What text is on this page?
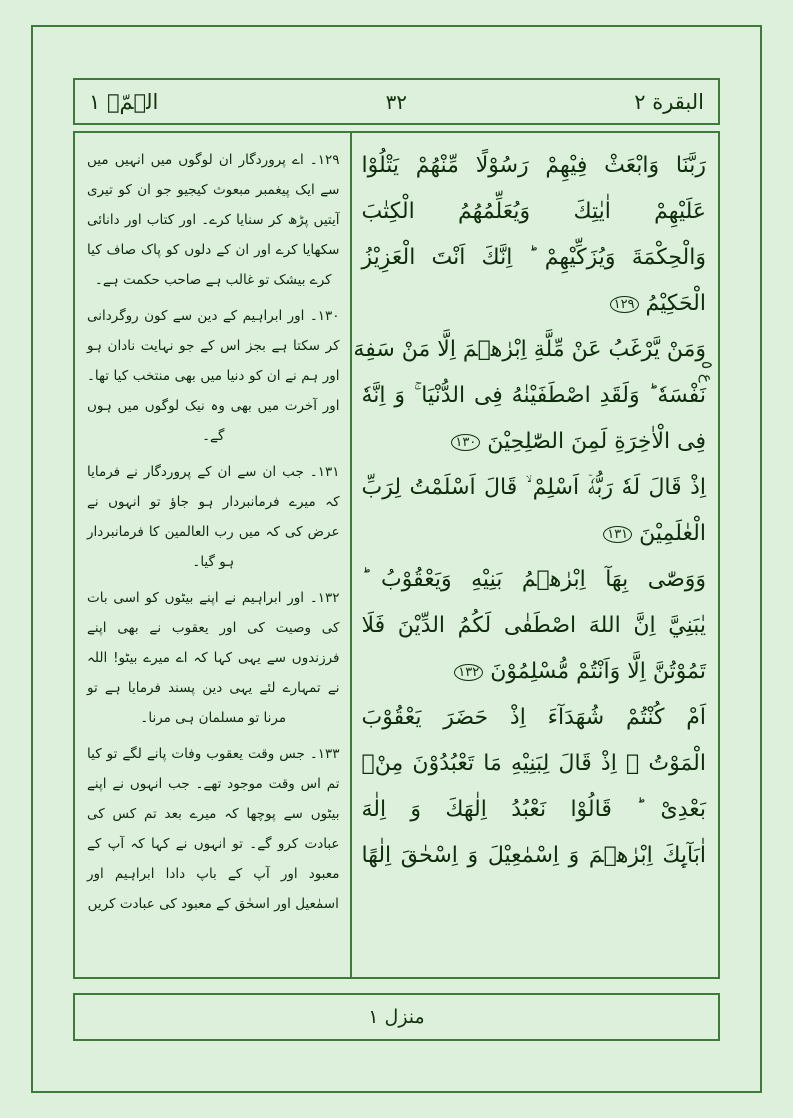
الۤمّۤ ١	٣٢	البقرة ٢
ع ٥
رَبَّنَا وَابْعَثْ فِيْهِمْ رَسُوْلًا مِّنْهُمْ يَتْلُوْا
عَلَيْهِمْ اٰيٰتِكَ وَيُعَلِّمُهُمُ الْكِتٰبَ
وَالْحِكْمَةَ وَيُزَكِّيْهِمْ ؕ اِنَّكَ اَنْتَ الْعَزِيْزُ
الْحَكِيْمُ ١٢٩
وَمَنْ يَّرْغَبُ عَنْ مِّلَّةِ اِبْرٰهٖمَ اِلَّا مَنْ سَفِهَ
نَفْسَهٗ ؕ وَلَقَدِ اصْطَفَيْنٰهُ فِى الدُّنْيَا ۚ وَ اِنَّهٗ
فِى الْاٰخِرَةِ لَمِنَ الصّٰلِحِيْنَ ١٣٠
اِذْ قَالَ لَهٗ رَبُّهٗۤ اَسْلِمْ ۙ قَالَ اَسْلَمْتُ لِرَبِّ
الْعٰلَمِيْنَ ١٣١
وَوَصّٰى بِهَآ اِبْرٰهٖمُ بَنِيْهِ وَيَعْقُوْبُ ؕ
يٰبَنِيَّ اِنَّ اللهَ اصْطَفٰى لَكُمُ الدِّيْنَ فَلَا
تَمُوْتُنَّ اِلَّا وَاَنْتُمْ مُّسْلِمُوْنَ ١٣٢
اَمْ كُنْتُمْ شُهَدَآءَ اِذْ حَضَرَ يَعْقُوْبَ
الْمَوْتُ ۙ اِذْ قَالَ لِبَنِيْهِ مَا تَعْبُدُوْنَ مِنْۢ
بَعْدِىْ ؕ قَالُوْا نَعْبُدُ اِلٰهَكَ وَ اِلٰهَ
اٰبَآىِٕكَ اِبْرٰهٖمَ وَ اِسْمٰعِيْلَ وَ اِسْحٰقَ اِلٰهًا

١٢٩۔ اے پروردگار ان لوگوں میں انہیں میں سے ایک پیغمبر مبعوث کیجیو جو ان کو تیری آیتیں پڑھ کر سنایا کرے۔ اور کتاب اور دانائی سکھایا کرے اور ان کے دلوں کو پاک صاف کیا کرے بیشک تو غالب ہے صاحب حکمت ہے۔

١٣٠۔ اور ابراہیم کے دین سے کون روگردانی کر سکتا ہے بجز اس کے جو نہایت نادان ہو اور ہم نے ان کو دنیا میں بھی منتخب کیا تھا۔ اور آخرت میں بھی وہ نیک لوگوں میں ہوں گے۔

١٣١۔ جب ان سے ان کے پروردگار نے فرمایا کہ میرے فرمانبردار ہو جاؤ تو انہوں نے عرض کی کہ میں رب العالمین کا فرمانبردار ہو گیا۔

١٣٢۔ اور ابراہیم نے اپنے بیٹوں کو اسی بات کی وصیت کی اور یعقوب نے بھی اپنے فرزندوں سے یہی کہا کہ اے میرے بیٹو! اللہ نے تمہارے لئے یہی دین پسند فرمایا ہے تو مرنا تو مسلمان ہی مرنا۔

١٣٣۔ جس وقت یعقوب وفات پانے لگے تو کیا تم اس وقت موجود تھے۔ جب انہوں نے اپنے بیٹوں سے پوچھا کہ میرے بعد تم کس کی عبادت کرو گے۔ تو انہوں نے کہا کہ آپ کے معبود اور آپ کے باپ دادا ابراہیم اور اسمٰعیل اور اسحٰق کے معبود کی عبادت کریں

منزل ١
